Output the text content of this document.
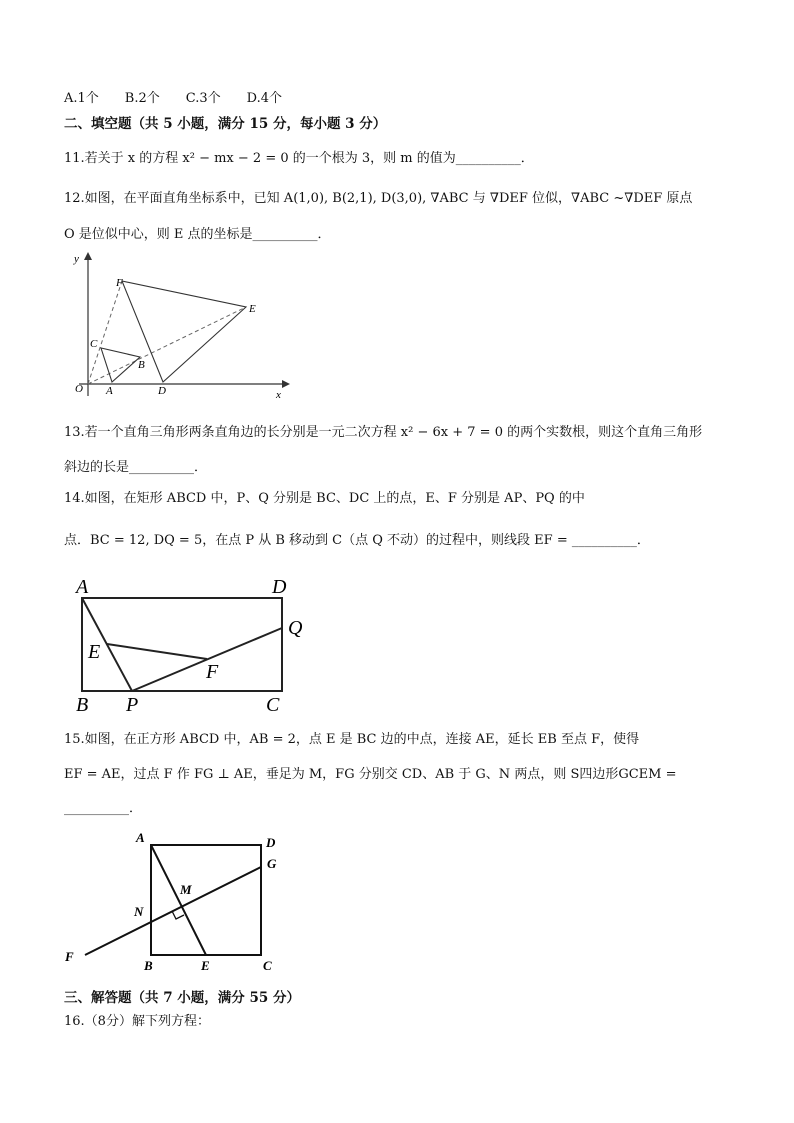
A.1个　　B.2个　　C.3个　　D.4个
二、填空题（共 5 小题，满分 15 分，每小题 3 分）
11.若关于 x 的方程 x² − mx − 2 = 0 的一个根为 3，则 m 的值为__________．
12.如图，在平面直角坐标系中，已知 A(1,0), B(2,1), D(3,0), ∇ABC 与 ∇DEF 位似，∇ABC ~∇DEF 原点
O 是位似中心，则 E 点的坐标是__________．
y
x
O A
B
C
D
E
F
13.若一个直角三角形两条直角边的长分别是一元二次方程 x² − 6x + 7 = 0 的两个实数根，则这个直角三角形
斜边的长是__________．
14.如图，在矩形 ABCD 中，P、Q 分别是 BC、DC 上的点，E、F 分别是 AP、PQ 的中
点．BC = 12, DQ = 5，在点 P 从 B 移动到 C（点 Q 不动）的过程中，则线段 EF = __________．
A	D
B	C
P
Q
E
F
15.如图，在正方形 ABCD 中，AB = 2，点 E 是 BC 边的中点，连接 AE，延长 EB 至点 F，使得
EF = AE，过点 F 作 FG ⊥ AE，垂足为 M，FG 分别交 CD、AB 于 G、N 两点，则 S四边形GCEM =
__________．
A	D
G
M
N
F
B	E	C
三、解答题（共 7 小题，满分 55 分）
16.（8分）解下列方程：
